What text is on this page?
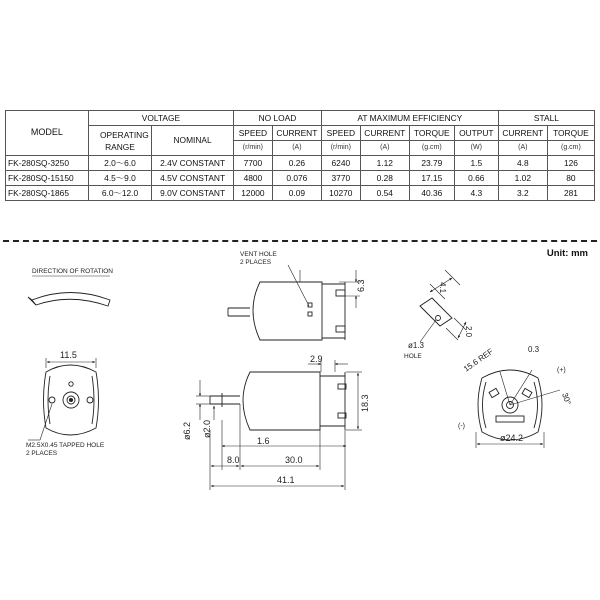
MODEL	VOLTAGE		NO LOAD		AT MAXIMUM EFFICIENCY				STALL	
	OPERATING RANGE	NOMINAL	SPEED	CURRENT	SPEED	CURRENT	TORQUE	OUTPUT	CURRENT	TORQUE
			(r/min)	(A)	(r/min)	(A)	(g.cm)	(W)	(A)	(g.cm)
FK-280SQ-3250	2.0～6.0	2.4V CONSTANT	7700	0.26	6240	1.12	23.79	1.5	4.8	126
FK-280SQ-15150	4.5～9.0	4.5V CONSTANT	4800	0.076	3770	0.28	17.15	0.66	1.02	80
FK-280SQ-1865	6.0～12.0	9.0V CONSTANT	12000	0.09	10270	0.54	40.36	4.3	3.2	281
Unit: mm
DIRECTION OF ROTATION
11.5
M2.5X0.45 TAPPED HOLE
2 PLACES
VENT HOLE
2 PLACES
6.3
2.9
18.3
ø6.2 ø2.0
1.6
8.0	30.0
41.1
4.1
2.0
ø1.3
HOLE	15.6 REF	0.3
(+)
(-)
30°
ø24.2
